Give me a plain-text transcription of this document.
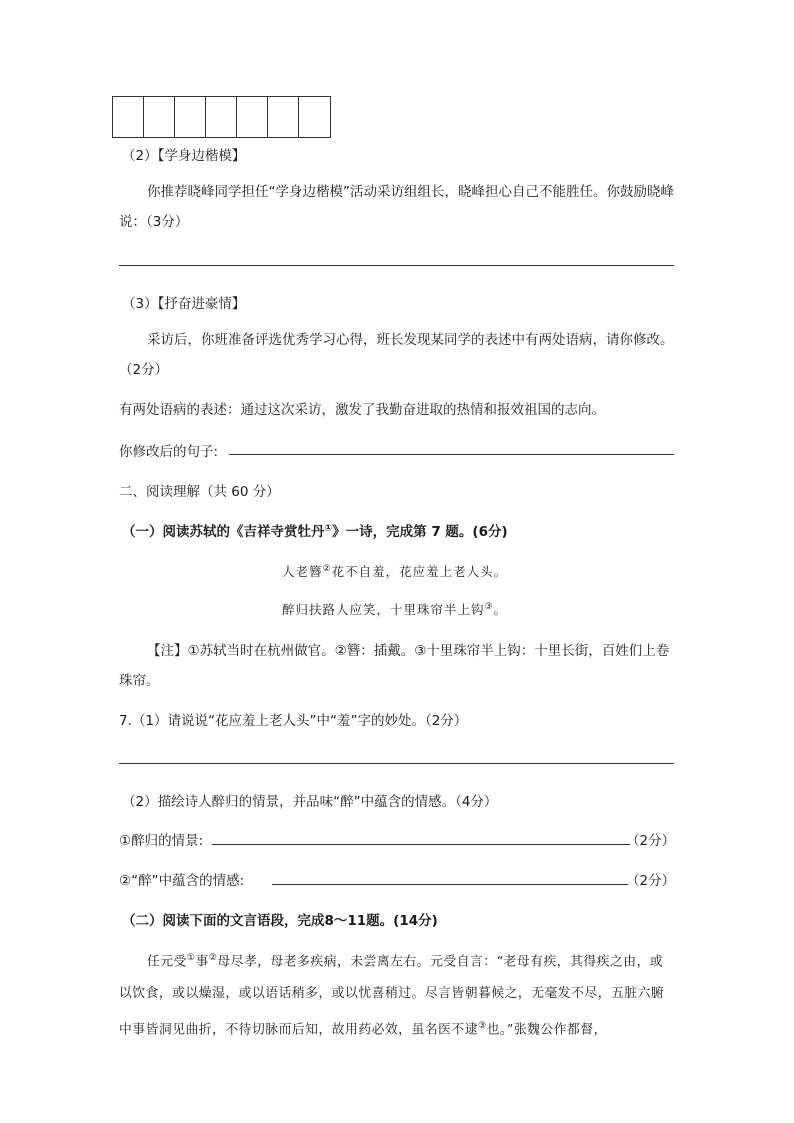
（2）【学身边楷模】
你推荐晓峰同学担任“学身边楷模”活动采访组组长，晓峰担心自己不能胜任。你鼓励晓峰说：（3分）
（3）【抒奋进豪情】
采访后，你班准备评选优秀学习心得，班长发现某同学的表述中有两处语病，请你修改。（2分）
有两处语病的表述：通过这次采访，激发了我勤奋进取的热情和报效祖国的志向。
你修改后的句子:
二、阅读理解（共 60 分）
（一）阅读苏轼的《吉祥寺赏牡丹①》一诗，完成第 7 题。(6分)
人老簪②花不自羞，花应羞上老人头。
醉归扶路人应笑，十里珠帘半上钩③。
【注】①苏轼当时在杭州做官。②簪：插戴。③十里珠帘半上钩：十里长街，百姓们上卷珠帘。
7.（1）请说说“花应羞上老人头”中“羞”字的妙处。（2分）
（2）描绘诗人醉归的情景，并品味“醉”中蕴含的情感。（4分）
①醉归的情景:	（2分）
②“醉”中蕴含的情感:	（2分）
（二）阅读下面的文言语段，完成8～11题。(14分)
任元受①事②母尽孝，母老多疾病，未尝离左右。元受自言：“老母有疾，其得疾之由，或以饮食，或以燥湿，或以语话稍多，或以忧喜稍过。尽言皆朝暮候之，无毫发不尽，五脏六腑中事皆洞见曲折，不待切脉而后知，故用药必效，虽名医不逮③也。”张魏公作都督，
